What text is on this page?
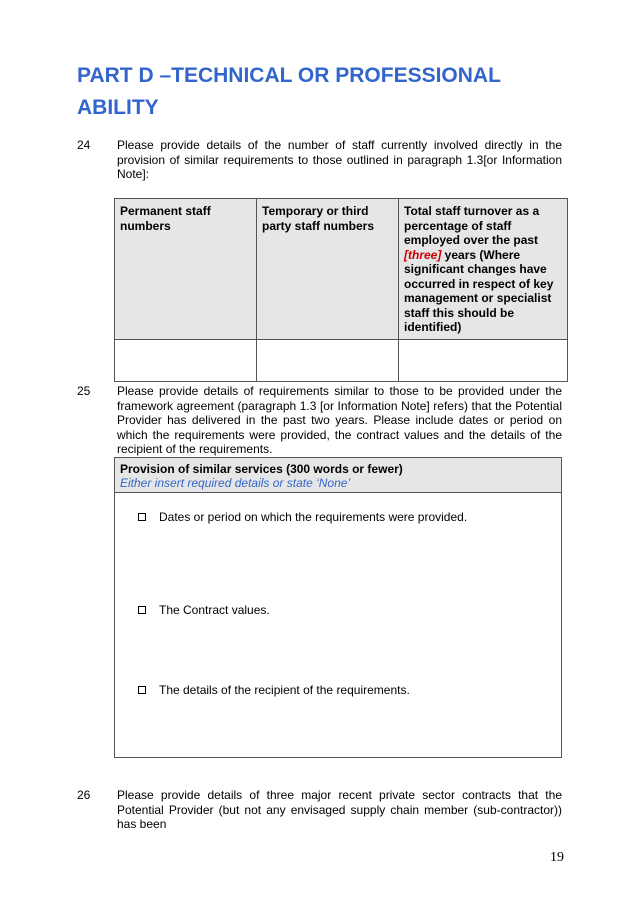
PART D –TECHNICAL OR PROFESSIONAL ABILITY
24	Please provide details of the number of staff currently involved directly in the provision of similar requirements to those outlined in paragraph 1.3[or Information Note]:
Permanent staff numbers	Temporary or third party staff numbers	Total staff turnover as a percentage of staff employed over the past [three] years (Where significant changes have occurred in respect of key management or specialist staff this should be identified)

25	Please provide details of requirements similar to those to be provided under the framework agreement (paragraph 1.3 [or Information Note] refers) that the Potential Provider has delivered in the past two years. Please include dates or period on which the requirements were provided, the contract values and the details of the recipient of the requirements.
Provision of similar services (300 words or fewer)
Either insert required details or state ‘None’
Dates or period on which the requirements were provided.
The Contract values.
The details of the recipient of the requirements.
26	Please provide details of three major recent private sector contracts that the Potential Provider (but not any envisaged supply chain member (sub-contractor)) has been
19
